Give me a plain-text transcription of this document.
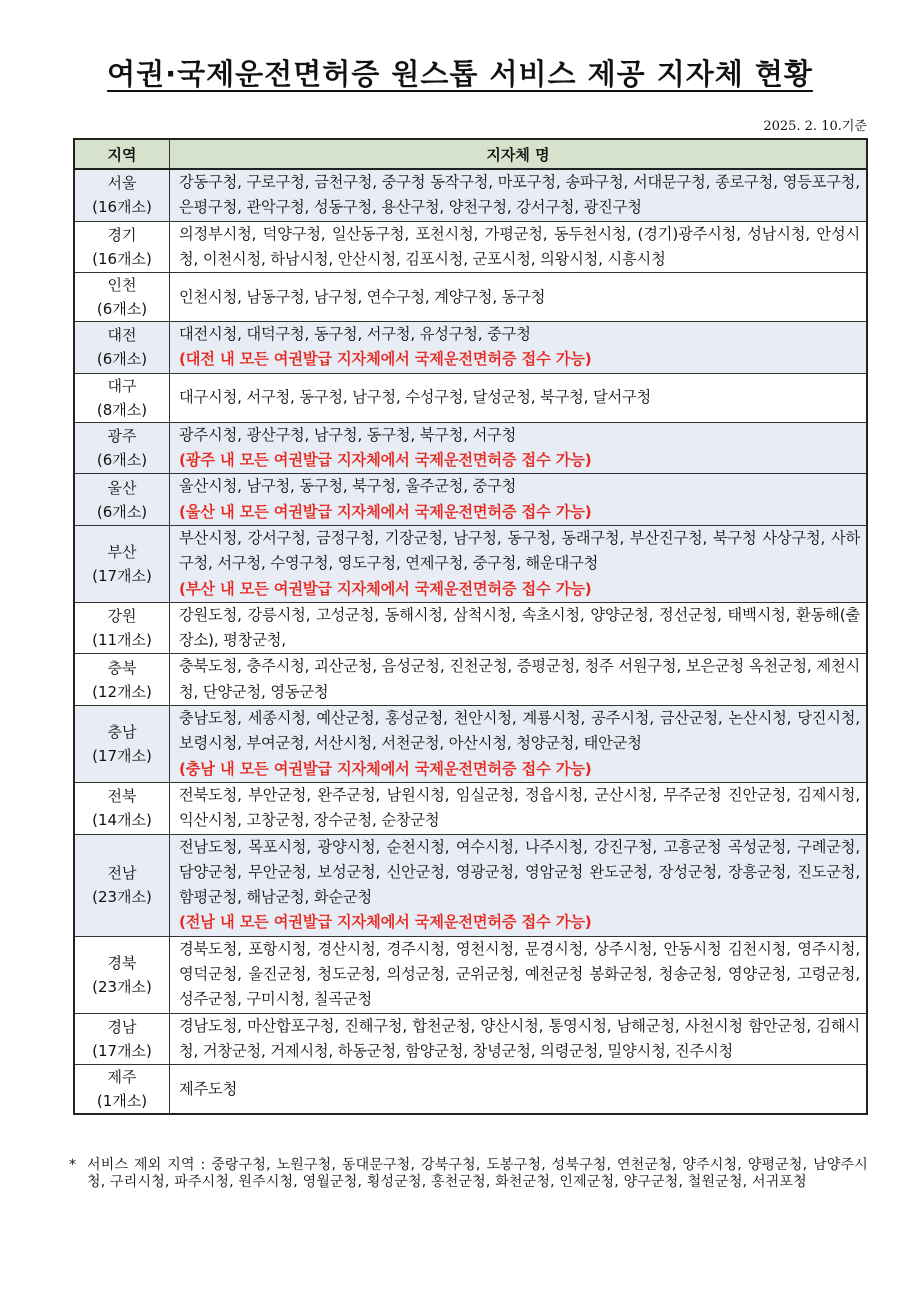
여권·국제운전면허증 원스톱 서비스 제공 지자체 현황
2025. 2. 10.기준
지역	지자체 명

서울
(16개소)	강동구청, 구로구청, 금천구청, 중구청 동작구청, 마포구청, 송파구청, 서대문구청, 종로구청, 영등포구청, 은평구청, 관악구청, 성동구청, 용산구청, 양천구청, 강서구청, 광진구청

경기
(16개소)	의정부시청, 덕양구청, 일산동구청, 포천시청, 가평군청, 동두천시청, (경기)광주시청, 성남시청, 안성시청, 이천시청, 하남시청, 안산시청, 김포시청, 군포시청, 의왕시청, 시흥시청

인천
(6개소)	인천시청, 남동구청, 남구청, 연수구청, 계양구청, 동구청

대전
(6개소)	대전시청, 대덕구청, 동구청, 서구청, 유성구청, 중구청
(대전 내 모든 여권발급 지자체에서 국제운전면허증 접수 가능)

대구
(8개소)	대구시청, 서구청, 동구청, 남구청, 수성구청, 달성군청, 북구청, 달서구청

광주
(6개소)	광주시청, 광산구청, 남구청, 동구청, 북구청, 서구청
(광주 내 모든 여권발급 지자체에서 국제운전면허증 접수 가능)

울산
(6개소)	울산시청, 남구청, 동구청, 북구청, 울주군청, 중구청
(울산 내 모든 여권발급 지자체에서 국제운전면허증 접수 가능)

부산
(17개소)	부산시청, 강서구청, 금정구청, 기장군청, 남구청, 동구청, 동래구청, 부산진구청, 북구청 사상구청, 사하구청, 서구청, 수영구청, 영도구청, 연제구청, 중구청, 해운대구청
(부산 내 모든 여권발급 지자체에서 국제운전면허증 접수 가능)

강원
(11개소)	강원도청, 강릉시청, 고성군청, 동해시청, 삼척시청, 속초시청, 양양군청, 정선군청, 태백시청, 환동해(출장소), 평창군청,

충북
(12개소)	충북도청, 충주시청, 괴산군청, 음성군청, 진천군청, 증평군청, 청주 서원구청, 보은군청 옥천군청, 제천시청, 단양군청, 영동군청

충남
(17개소)	충남도청, 세종시청, 예산군청, 홍성군청, 천안시청, 계룡시청, 공주시청, 금산군청, 논산시청, 당진시청, 보령시청, 부여군청, 서산시청, 서천군청, 아산시청, 청양군청, 태안군청
(충남 내 모든 여권발급 지자체에서 국제운전면허증 접수 가능)

전북
(14개소)	전북도청, 부안군청, 완주군청, 남원시청, 임실군청, 정읍시청, 군산시청, 무주군청 진안군청, 김제시청, 익산시청, 고창군청, 장수군청, 순창군청

전남
(23개소)	전남도청, 목포시청, 광양시청, 순천시청, 여수시청, 나주시청, 강진구청, 고흥군청 곡성군청, 구례군청, 담양군청, 무안군청, 보성군청, 신안군청, 영광군청, 영암군청 완도군청, 장성군청, 장흥군청, 진도군청, 함평군청, 해남군청, 화순군청
(전남 내 모든 여권발급 지자체에서 국제운전면허증 접수 가능)

경북
(23개소)	경북도청, 포항시청, 경산시청, 경주시청, 영천시청, 문경시청, 상주시청, 안동시청 김천시청, 영주시청, 영덕군청, 울진군청, 청도군청, 의성군청, 군위군청, 예천군청 봉화군청, 청송군청, 영양군청, 고령군청, 성주군청, 구미시청, 칠곡군청

경남
(17개소)	경남도청, 마산합포구청, 진해구청, 합천군청, 양산시청, 통영시청, 남해군청, 사천시청 함안군청, 김해시청, 거창군청, 거제시청, 하동군청, 함양군청, 창녕군청, 의령군청, 밀양시청, 진주시청

제주
(1개소)	제주도청
* 서비스 제외 지역 : 중랑구청, 노원구청, 동대문구청, 강북구청, 도봉구청, 성북구청, 연천군청, 양주시청, 양평군청, 남양주시청, 구리시청, 파주시청, 원주시청, 영월군청, 횡성군청, 홍천군청, 화천군청, 인제군청, 양구군청, 철원군청, 서귀포청
